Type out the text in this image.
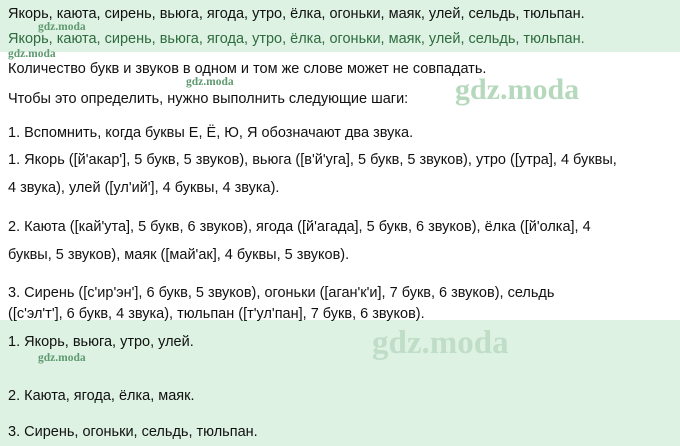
Якорь, каюта, сирень, вьюга, ягода, утро, ёлка, огоньки, маяк, улей, сельдь, тюльпан.
Якорь, каюта, сирень, вьюга, ягода, утро, ёлка, огоньки, маяк, улей, сельдь, тюльпан.
Количество букв и звуков в одном и том же слове может не совпадать.
Чтобы это определить, нужно выполнить следующие шаги:
1. Вспомнить, когда буквы Е, Ё, Ю, Я обозначают два звука.
1. Якорь ([й'акар'], 5 букв, 5 звуков), вьюга ([в'й'уга], 5 букв, 5 звуков), утро ([утра], 4 буквы,
4 звука), улей ([ул'ий'], 4 буквы, 4 звука).
2. Каюта ([кай'ута], 5 букв, 6 звуков), ягода ([й'агада], 5 букв, 6 звуков), ёлка ([й'олка], 4
буквы, 5 звуков), маяк ([май'ак], 4 буквы, 5 звуков).
3. Сирень ([с'ир'эн'], 6 букв, 5 звуков), огоньки ([аган'к'и], 7 букв, 6 звуков), сельдь
([с'эл'т'], 6 букв, 4 звука), тюльпан ([т'ул'пан], 7 букв, 6 звуков).
1. Якорь, вьюга, утро, улей.
2. Каюта, ягода, ёлка, маяк.
3. Сирень, огоньки, сельдь, тюльпан.
gdz.moda
gdz.moda
gdz.moda	gdz.moda
gdz.moda	gdz.moda
